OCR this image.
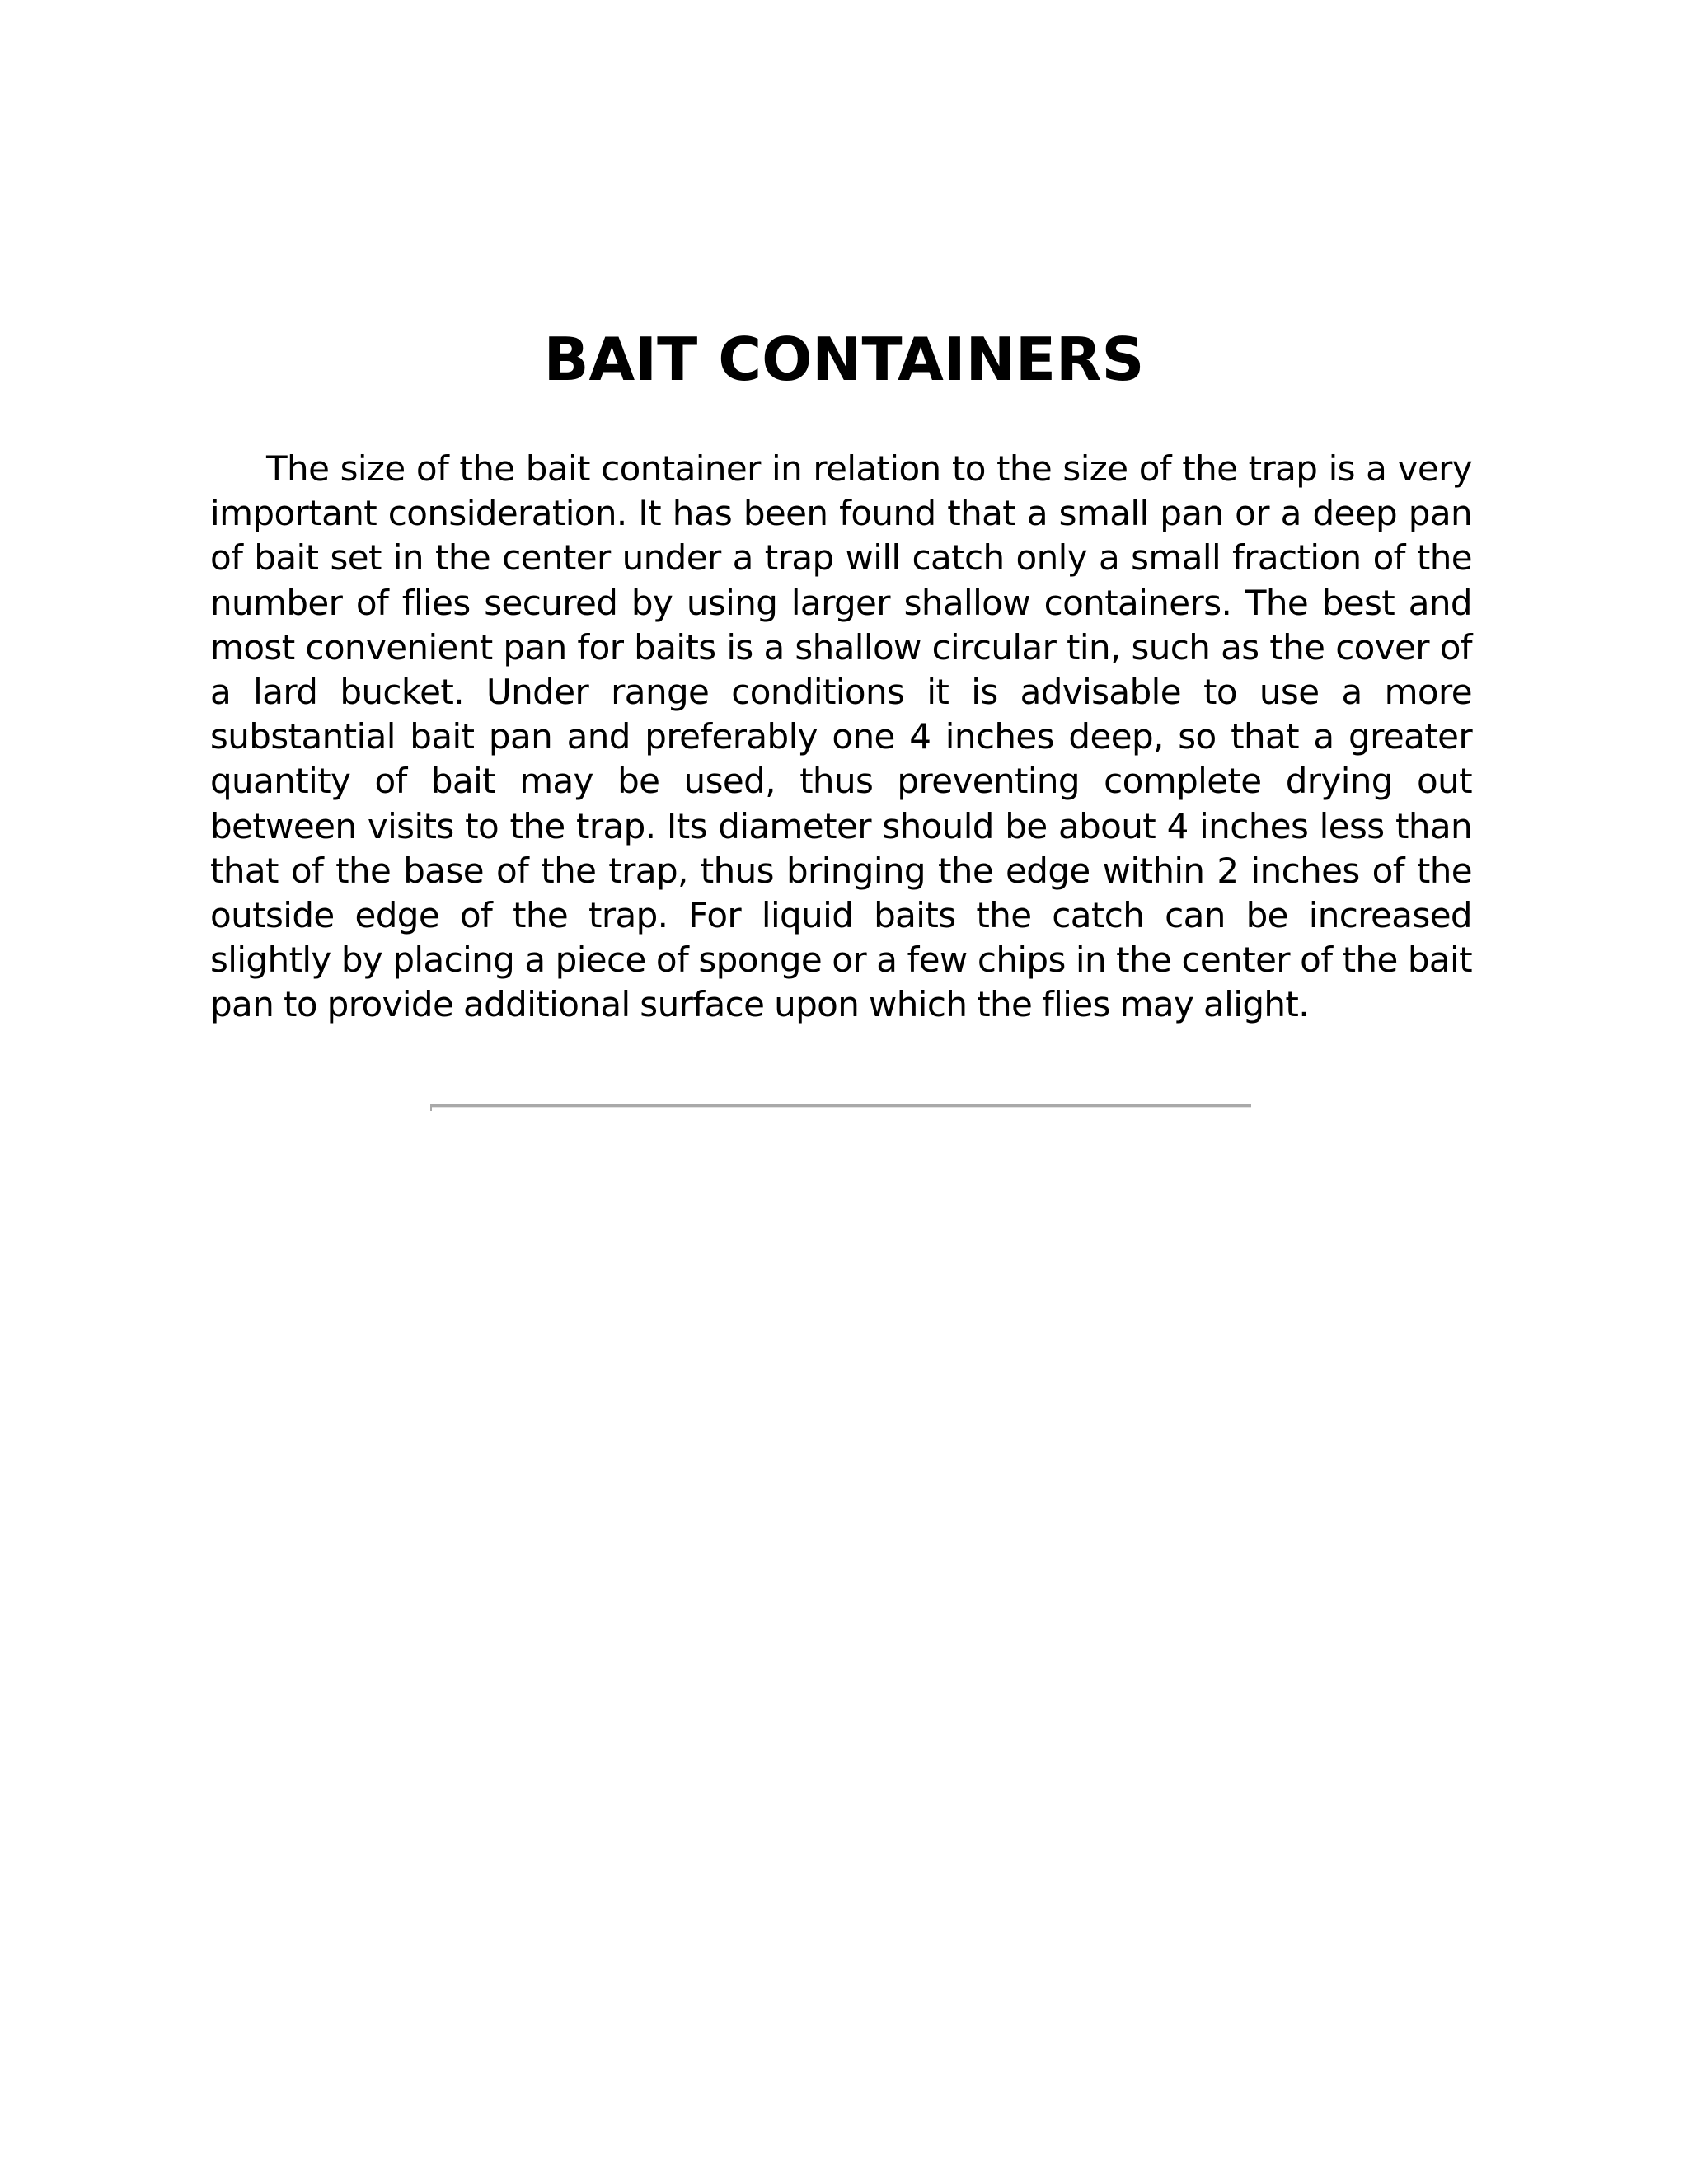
BAIT CONTAINERS

The size of the bait container in relation to the size of the trap is a very important consideration. It has been found that a small pan or a deep pan of bait set in the center under a trap will catch only a small fraction of the number of flies secured by using larger shallow containers. The best and most convenient pan for baits is a shallow circular tin, such as the cover of a lard bucket. Under range conditions it is advisable to use a more substantial bait pan and preferably one 4 inches deep, so that a greater quantity of bait may be used, thus preventing complete drying out between visits to the trap. Its diameter should be about 4 inches less than that of the base of the trap, thus bringing the edge within 2 inches of the outside edge of the trap. For liquid baits the catch can be increased slightly by placing a piece of sponge or a few chips in the center of the bait pan to provide additional surface upon which the flies may alight.
